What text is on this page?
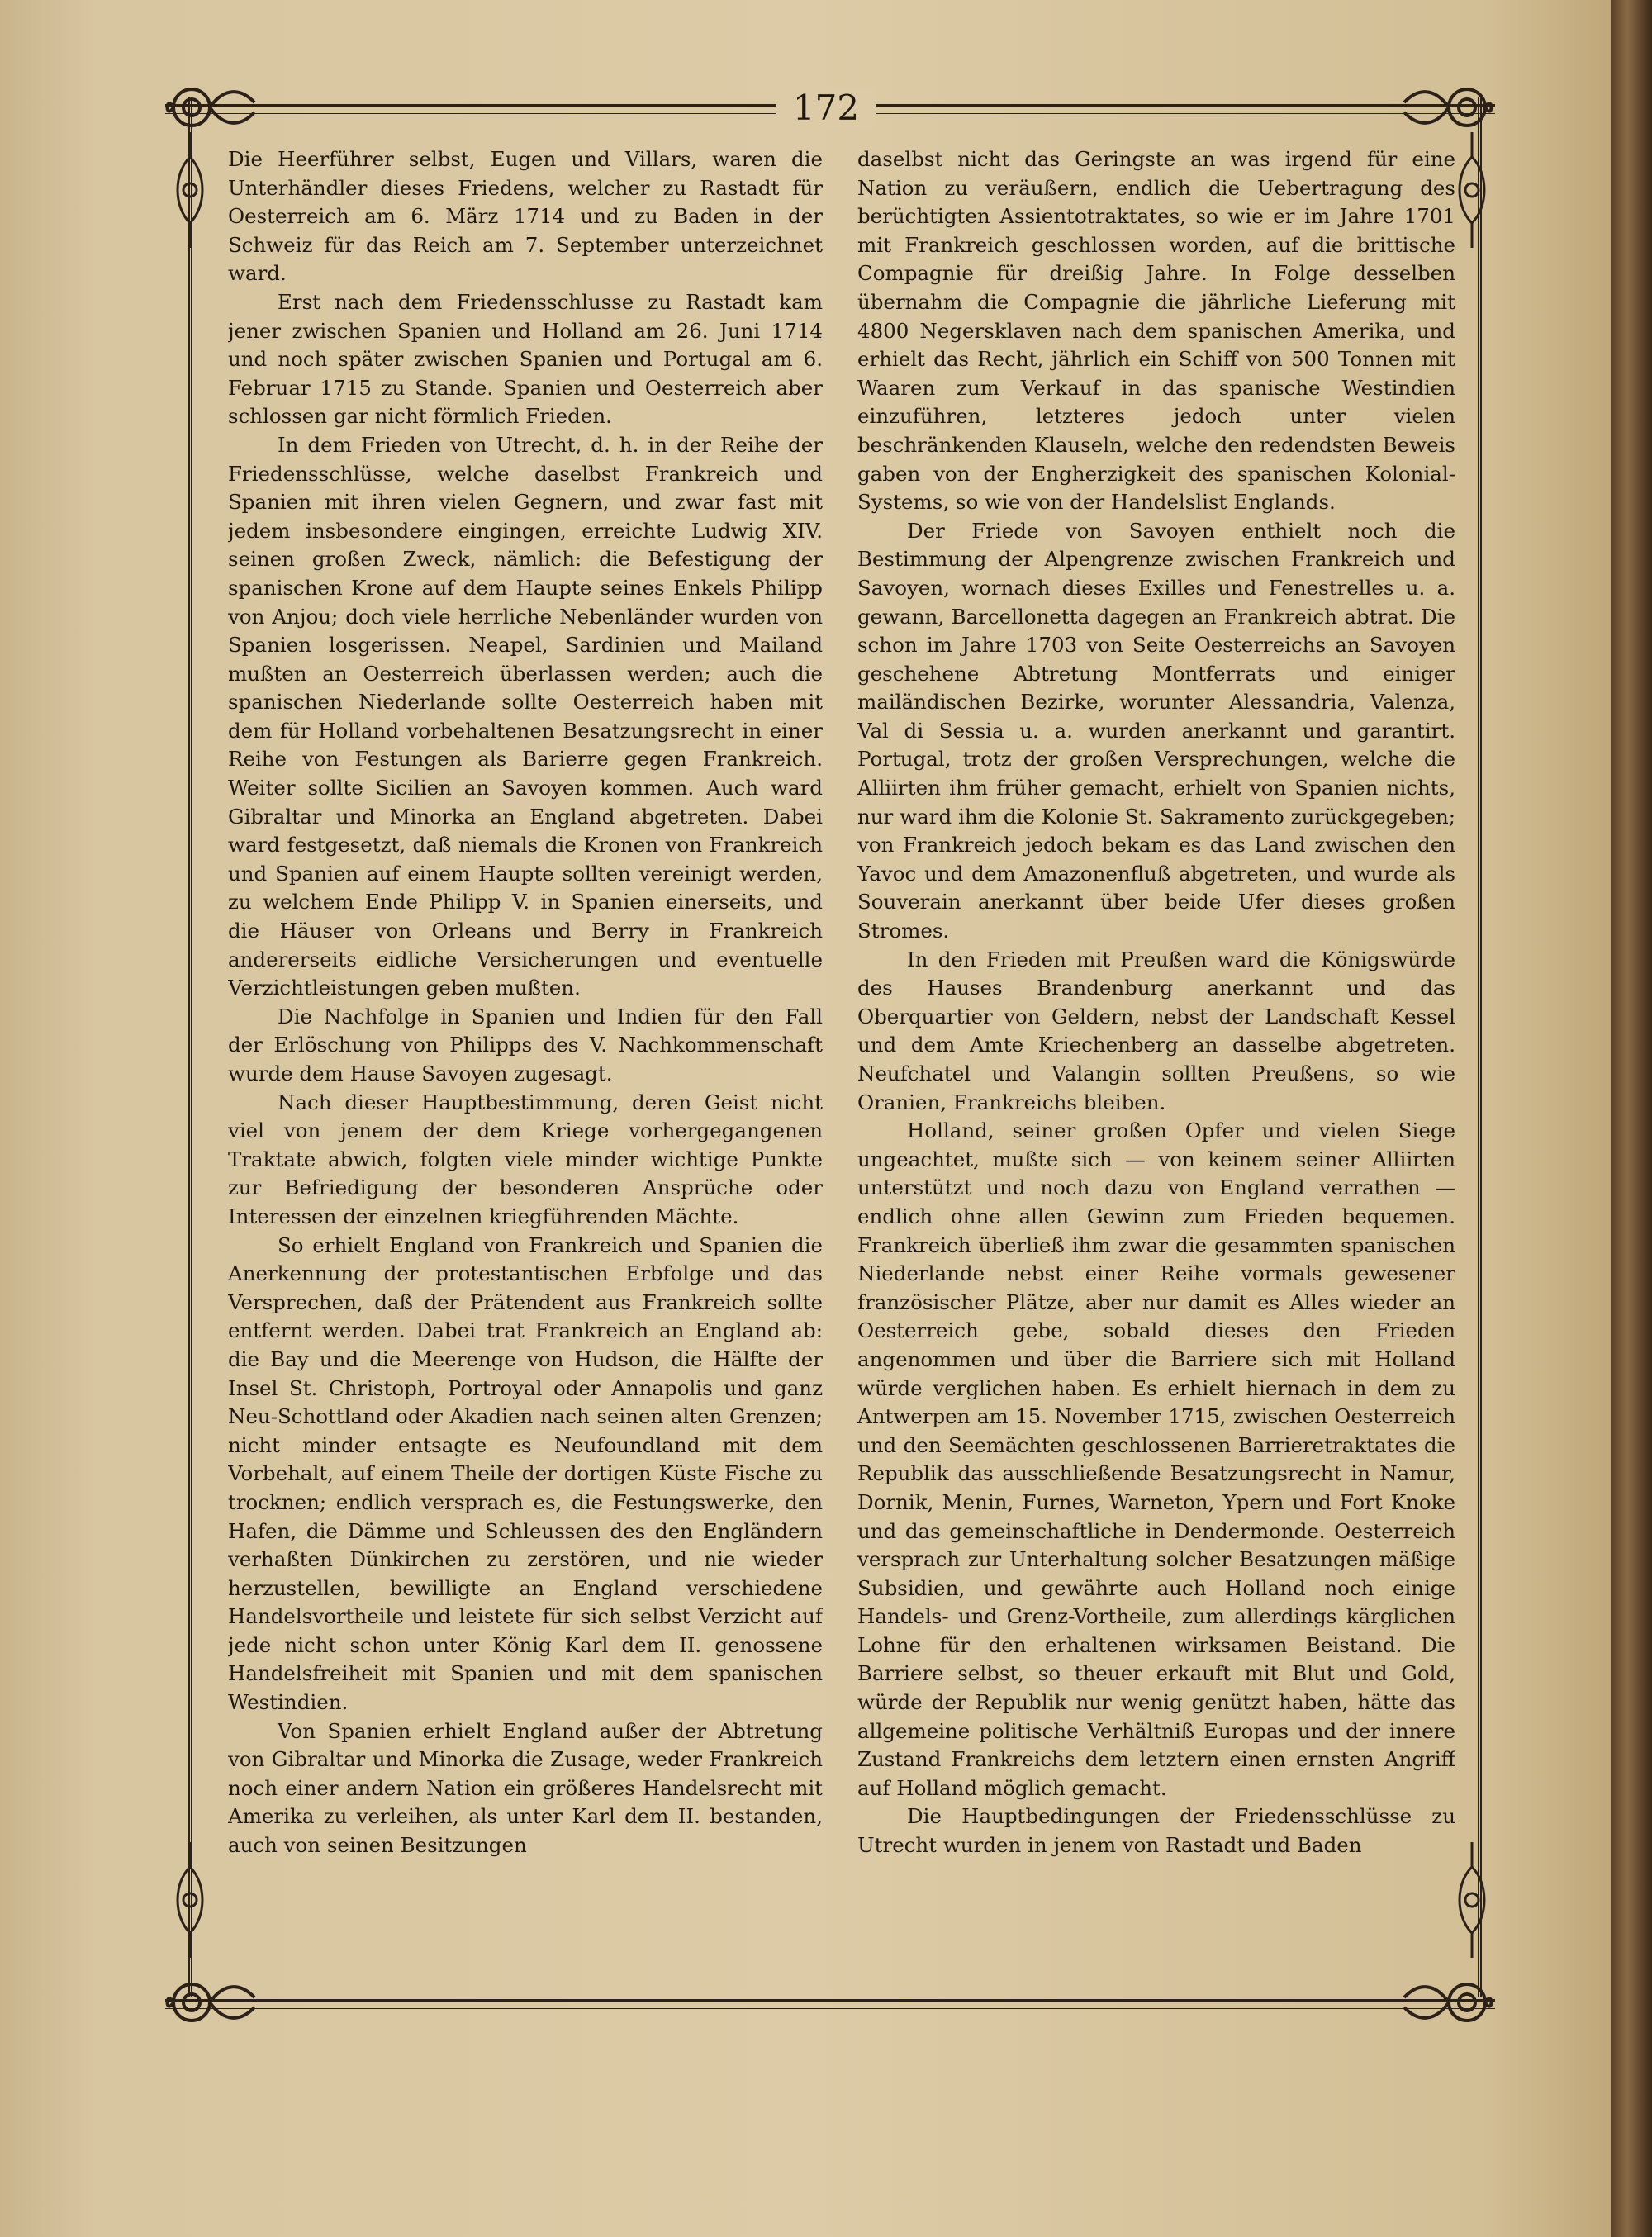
172

Die Heerführer selbst, Eugen und Villars, waren die Unterhändler dieses Friedens, welcher zu Rastadt für Oesterreich am 6. März 1714 und zu Baden in der Schweiz für das Reich am 7. September unterzeichnet ward.

Erst nach dem Friedensschlusse zu Rastadt kam jener zwischen Spanien und Holland am 26. Juni 1714 und noch später zwischen Spanien und Portugal am 6. Februar 1715 zu Stande. Spanien und Oesterreich aber schlossen gar nicht förmlich Frieden.

In dem Frieden von Utrecht, d. h. in der Reihe der Friedensschlüsse, welche daselbst Frankreich und Spanien mit ihren vielen Gegnern, und zwar fast mit jedem insbesondere eingingen, erreichte Ludwig XIV. seinen großen Zweck, nämlich: die Befestigung der spanischen Krone auf dem Haupte seines Enkels Philipp von Anjou; doch viele herrliche Nebenländer wurden von Spanien losgerissen. Neapel, Sardinien und Mailand mußten an Oesterreich überlassen werden; auch die spanischen Niederlande sollte Oesterreich haben mit dem für Holland vorbehaltenen Besatzungsrecht in einer Reihe von Festungen als Barierre gegen Frankreich. Weiter sollte Sicilien an Savoyen kommen. Auch ward Gibraltar und Minorka an England abgetreten. Dabei ward festgesetzt, daß niemals die Kronen von Frankreich und Spanien auf einem Haupte sollten vereinigt werden, zu welchem Ende Philipp V. in Spanien einerseits, und die Häuser von Orleans und Berry in Frankreich andererseits eidliche Versicherungen und eventuelle Verzichtleistungen geben mußten.

Die Nachfolge in Spanien und Indien für den Fall der Erlöschung von Philipps des V. Nachkommenschaft wurde dem Hause Savoyen zugesagt.

Nach dieser Hauptbestimmung, deren Geist nicht viel von jenem der dem Kriege vorhergegangenen Traktate abwich, folgten viele minder wichtige Punkte zur Befriedigung der besonderen Ansprüche oder Interessen der einzelnen kriegführenden Mächte.

So erhielt England von Frankreich und Spanien die Anerkennung der protestantischen Erbfolge und das Versprechen, daß der Prätendent aus Frankreich sollte entfernt werden. Dabei trat Frankreich an England ab: die Bay und die Meerenge von Hudson, die Hälfte der Insel St. Christoph, Portroyal oder Annapolis und ganz Neu-Schottland oder Akadien nach seinen alten Grenzen; nicht minder entsagte es Neufoundland mit dem Vorbehalt, auf einem Theile der dortigen Küste Fische zu trocknen; endlich versprach es, die Festungswerke, den Hafen, die Dämme und Schleussen des den Engländern verhaßten Dünkirchen zu zerstören, und nie wieder herzustellen, bewilligte an England verschiedene Handelsvortheile und leistete für sich selbst Verzicht auf jede nicht schon unter König Karl dem II. genossene Handelsfreiheit mit Spanien und mit dem spanischen Westindien.

Von Spanien erhielt England außer der Abtretung von Gibraltar und Minorka die Zusage, weder Frankreich noch einer andern Nation ein größeres Handelsrecht mit Amerika zu verleihen, als unter Karl dem II. bestanden, auch von seinen Besitzungen

daselbst nicht das Geringste an was irgend für eine Nation zu veräußern, endlich die Uebertragung des berüchtigten Assientotraktates, so wie er im Jahre 1701 mit Frankreich geschlossen worden, auf die brittische Compagnie für dreißig Jahre. In Folge desselben übernahm die Compagnie die jährliche Lieferung mit 4800 Negersklaven nach dem spanischen Amerika, und erhielt das Recht, jährlich ein Schiff von 500 Tonnen mit Waaren zum Verkauf in das spanische Westindien einzuführen, letzteres jedoch unter vielen beschränkenden Klauseln, welche den redendsten Beweis gaben von der Engherzigkeit des spanischen Kolonial-Systems, so wie von der Handelslist Englands.

Der Friede von Savoyen enthielt noch die Bestimmung der Alpengrenze zwischen Frankreich und Savoyen, wornach dieses Exilles und Fenestrelles u. a. gewann, Barcellonetta dagegen an Frankreich abtrat. Die schon im Jahre 1703 von Seite Oesterreichs an Savoyen geschehene Abtretung Montferrats und einiger mailändischen Bezirke, worunter Alessandria, Valenza, Val di Sessia u. a. wurden anerkannt und garantirt. Portugal, trotz der großen Versprechungen, welche die Alliirten ihm früher gemacht, erhielt von Spanien nichts, nur ward ihm die Kolonie St. Sakramento zurückgegeben; von Frankreich jedoch bekam es das Land zwischen den Yavoc und dem Amazonenfluß abgetreten, und wurde als Souverain anerkannt über beide Ufer dieses großen Stromes.

In den Frieden mit Preußen ward die Königswürde des Hauses Brandenburg anerkannt und das Oberquartier von Geldern, nebst der Landschaft Kessel und dem Amte Kriechenberg an dasselbe abgetreten. Neufchatel und Valangin sollten Preußens, so wie Oranien, Frankreichs bleiben.

Holland, seiner großen Opfer und vielen Siege ungeachtet, mußte sich — von keinem seiner Alliirten unterstützt und noch dazu von England verrathen — endlich ohne allen Gewinn zum Frieden bequemen. Frankreich überließ ihm zwar die gesammten spanischen Niederlande nebst einer Reihe vormals gewesener französischer Plätze, aber nur damit es Alles wieder an Oesterreich gebe, sobald dieses den Frieden angenommen und über die Barriere sich mit Holland würde verglichen haben. Es erhielt hiernach in dem zu Antwerpen am 15. November 1715, zwischen Oesterreich und den Seemächten geschlossenen Barrieretraktates die Republik das ausschließende Besatzungsrecht in Namur, Dornik, Menin, Furnes, Warneton, Ypern und Fort Knoke und das gemeinschaftliche in Dendermonde. Oesterreich versprach zur Unterhaltung solcher Besatzungen mäßige Subsidien, und gewährte auch Holland noch einige Handels- und Grenz-Vortheile, zum allerdings kärglichen Lohne für den erhaltenen wirksamen Beistand. Die Barriere selbst, so theuer erkauft mit Blut und Gold, würde der Republik nur wenig genützt haben, hätte das allgemeine politische Verhältniß Europas und der innere Zustand Frankreichs dem letztern einen ernsten Angriff auf Holland möglich gemacht.

Die Hauptbedingungen der Friedensschlüsse zu Utrecht wurden in jenem von Rastadt und Baden
